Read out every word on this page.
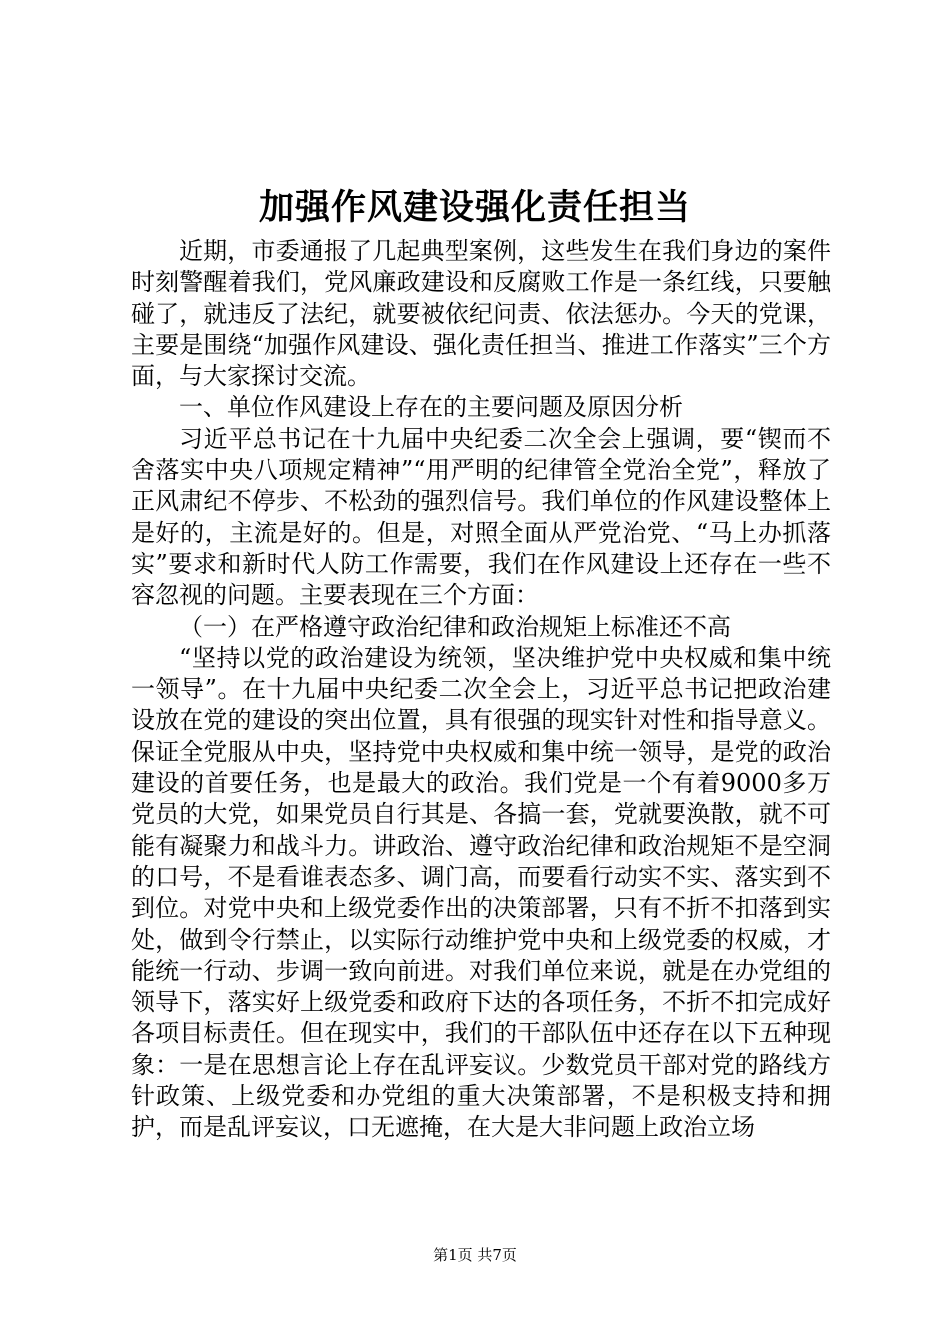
加强作风建设强化责任担当

近期，市委通报了几起典型案例，这些发生在我们身边的案件时刻警醒着我们，党风廉政建设和反腐败工作是一条红线，只要触碰了，就违反了法纪，就要被依纪问责、依法惩办。今天的党课，主要是围绕“加强作风建设、强化责任担当、推进工作落实”三个方面，与大家探讨交流。

一、单位作风建设上存在的主要问题及原因分析

习近平总书记在十九届中央纪委二次全会上强调，要“锲而不舍落实中央八项规定精神”“用严明的纪律管全党治全党”，释放了正风肃纪不停步、不松劲的强烈信号。我们单位的作风建设整体上是好的，主流是好的。但是，对照全面从严党治党、“马上办抓落实”要求和新时代人防工作需要，我们在作风建设上还存在一些不容忽视的问题。主要表现在三个方面：

（一）在严格遵守政治纪律和政治规矩上标准还不高

“坚持以党的政治建设为统领，坚决维护党中央权威和集中统一领导”。在十九届中央纪委二次全会上，习近平总书记把政治建设放在党的建设的突出位置，具有很强的现实针对性和指导意义。保证全党服从中央，坚持党中央权威和集中统一领导，是党的政治建设的首要任务，也是最大的政治。我们党是一个有着9000多万党员的大党，如果党员自行其是、各搞一套，党就要涣散，就不可能有凝聚力和战斗力。讲政治、遵守政治纪律和政治规矩不是空洞的口号，不是看谁表态多、调门高，而要看行动实不实、落实到不到位。对党中央和上级党委作出的决策部署，只有不折不扣落到实处，做到令行禁止，以实际行动维护党中央和上级党委的权威，才能统一行动、步调一致向前进。对我们单位来说，就是在办党组的领导下，落实好上级党委和政府下达的各项任务，不折不扣完成好各项目标责任。但在现实中，我们的干部队伍中还存在以下五种现象：一是在思想言论上存在乱评妄议。少数党员干部对党的路线方针政策、上级党委和办党组的重大决策部署，不是积极支持和拥护，而是乱评妄议，口无遮掩，在大是大非问题上政治立场

第1页 共7页
